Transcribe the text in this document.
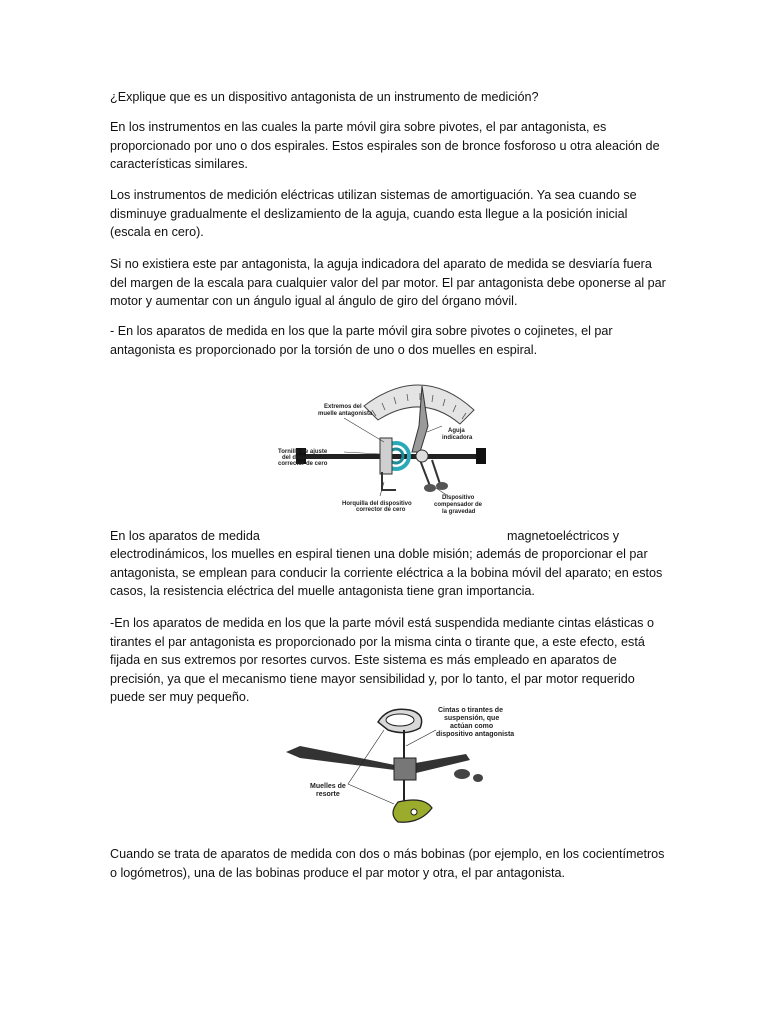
¿Explique que es un dispositivo antagonista de un instrumento de medición?

En los instrumentos en las cuales la parte móvil gira sobre pivotes, el par antagonista, es proporcionado por uno o dos espirales. Estos espirales son de bronce fosforoso u otra aleación de características similares.

Los instrumentos de medición eléctricas utilizan sistemas de amortiguación. Ya sea cuando se disminuye gradualmente el deslizamiento de la aguja, cuando esta llegue a la posición inicial (escala en cero).

Si no existiera este par antagonista, la aguja indicadora del aparato de medida se desviaría fuera del margen de la escala para cualquier valor del par motor. El par antagonista debe oponerse al par motor y aumentar con un ángulo igual al ángulo de giro del órgano móvil.

- En los aparatos de medida en los que la parte móvil gira sobre pivotes o cojinetes, el par antagonista es proporcionado por la torsión de uno o dos muelles en espiral.

Extremos del
muelle antagonista
Tornillo de ajuste
del dispositivo
corrector de cero
Horquilla del dispositivo
corrector de cero
Aguja
indicadora
Dispositivo
compensador de
la gravedad
En los aparatos de medida	magnetoeléctricos y

electrodinámicos, los muelles en espiral tienen una doble misión; además de proporcionar el par antagonista, se emplean para conducir la corriente eléctrica a la bobina móvil del aparato; en estos casos, la resistencia eléctrica del muelle antagonista tiene gran importancia.

-En los aparatos de medida en los que la parte móvil está suspendida mediante cintas elásticas o tirantes el par antagonista es proporcionado por la misma cinta o tirante que, a este efecto, está fijada en sus extremos por resortes curvos. Este sistema es más empleado en aparatos de precisión, ya que el mecanismo tiene mayor sensibilidad y, por lo tanto, el par motor requerido puede ser muy pequeño.

Cintas o tirantes de
suspensión, que
actúan como
dispositivo antagonista
Muelles de
resorte

Cuando se trata de aparatos de medida con dos o más bobinas (por ejemplo, en los cocientímetros o logómetros), una de las bobinas produce el par motor y otra, el par antagonista.
